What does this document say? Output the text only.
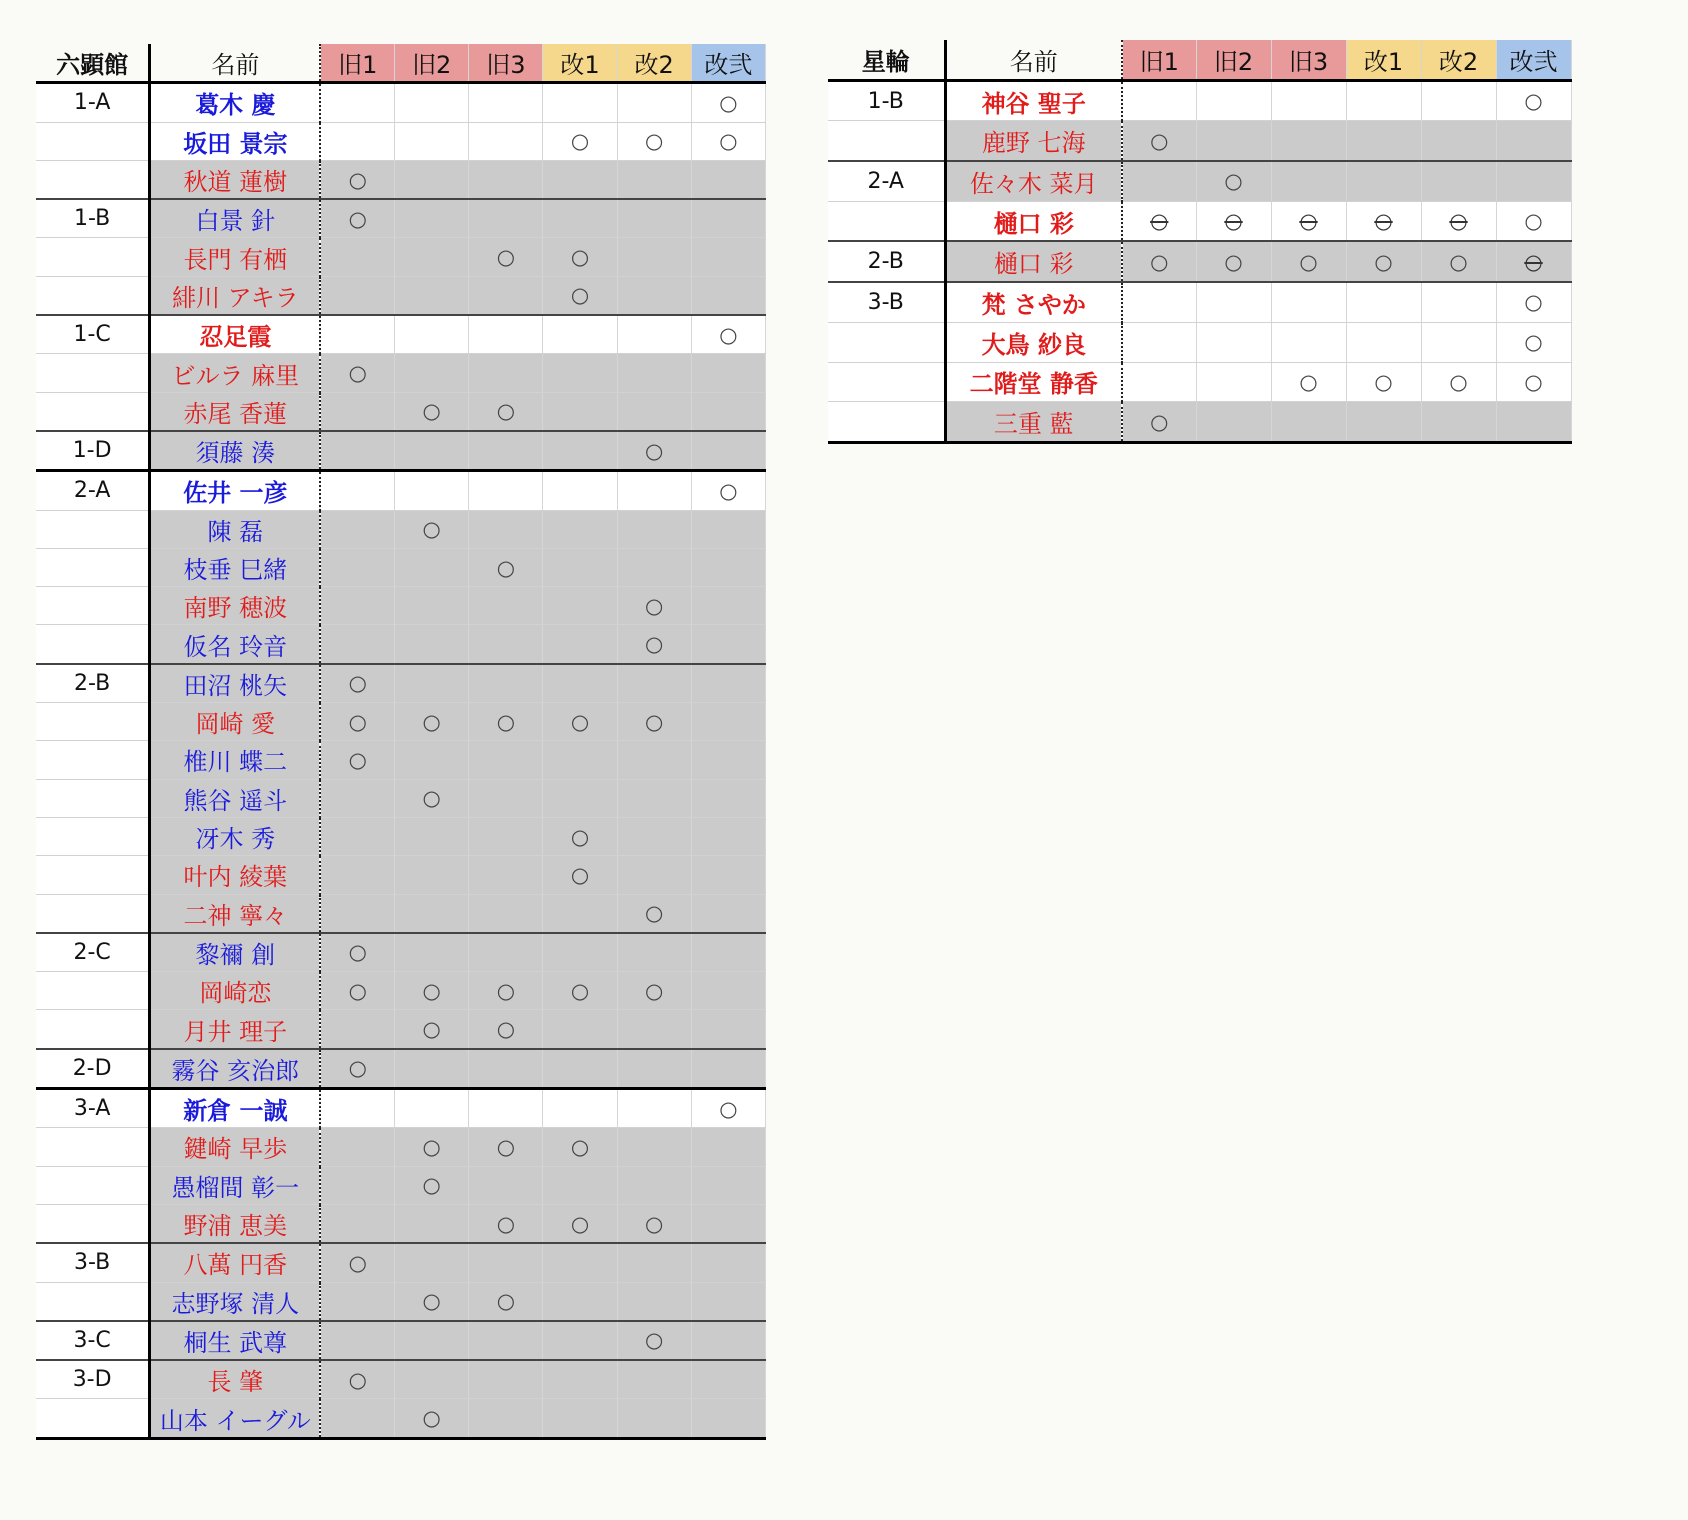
六顕館	名前	旧1	旧2	旧3	改1	改2	改弐
1-A	葛木 慶						○
	坂田 景宗				○	○	○
	秋道 蓮樹	○					
1-B	白景 針	○					
	長門 有栖			○	○		
	緋川 アキラ				○		
1-C	忍足霞						○
	ビルラ 麻里	○					
	赤尾 香蓮		○	○			
1-D	須藤 湊					○	
2-A	佐井 一彦						○
	陳 磊		○				
	枝垂 巳緒			○			
	南野 穂波					○	
	仮名 玲音					○	
2-B	田沼 桃矢	○					
	岡崎 愛	○	○	○	○	○	
	椎川 蝶二	○					
	熊谷 遥斗		○				
	冴木 秀				○		
	叶内 綾葉				○		
	二神 寧々					○	
2-C	黎禰 創	○					
	岡崎恋	○	○	○	○	○	
	月井 理子		○	○			
2-D	霧谷 亥治郎	○					
3-A	新倉 一誠						○
	鍵崎 早歩		○	○	○		
	愚榴間 彰一		○				
	野浦 恵美			○	○	○	
3-B	八萬 円香	○					
	志野塚 清人		○	○			
3-C	桐生 武尊					○	
3-D	長 肇	○					
	山本 イーグル		○				
星輪	名前	旧1	旧2	旧3	改1	改2	改弐
1-B	神谷 聖子						○
	鹿野 七海	○					
2-A	佐々木 菜月		○				
	樋口 彩	○	○	○	○	○	○
2-B	樋口 彩	○	○	○	○	○	○
3-B	梵 さやか						○
	大鳥 紗良						○
	二階堂 静香			○	○	○	○
	三重 藍	○					
